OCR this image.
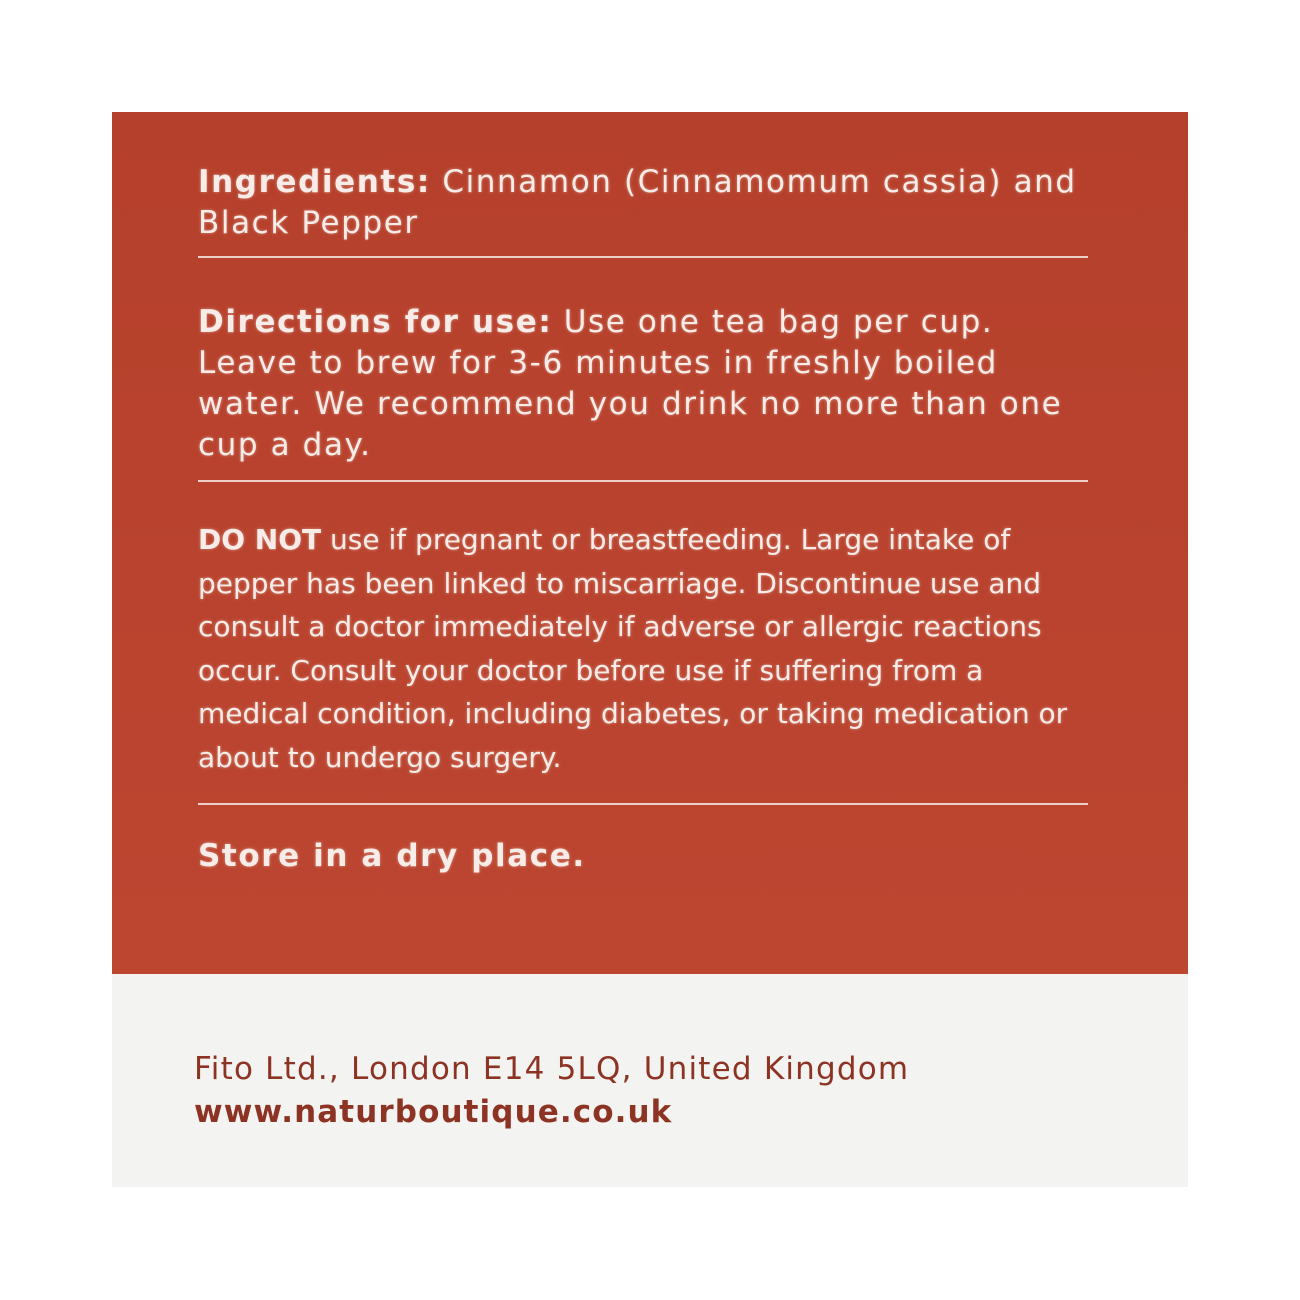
Ingredients: Cinnamon (Cinnamomum cassia) and Black Pepper

Directions for use: Use one tea bag per cup. Leave to brew for 3-6 minutes in freshly boiled water. We recommend you drink no more than one cup a day.

DO NOT use if pregnant or breastfeeding. Large intake of pepper has been linked to miscarriage. Discontinue use and consult a doctor immediately if adverse or allergic reactions occur. Consult your doctor before use if suffering from a medical condition, including diabetes, or taking medication or about to undergo surgery.

Store in a dry place.

Fito Ltd., London E14 5LQ, United Kingdom
www.naturboutique.co.uk
